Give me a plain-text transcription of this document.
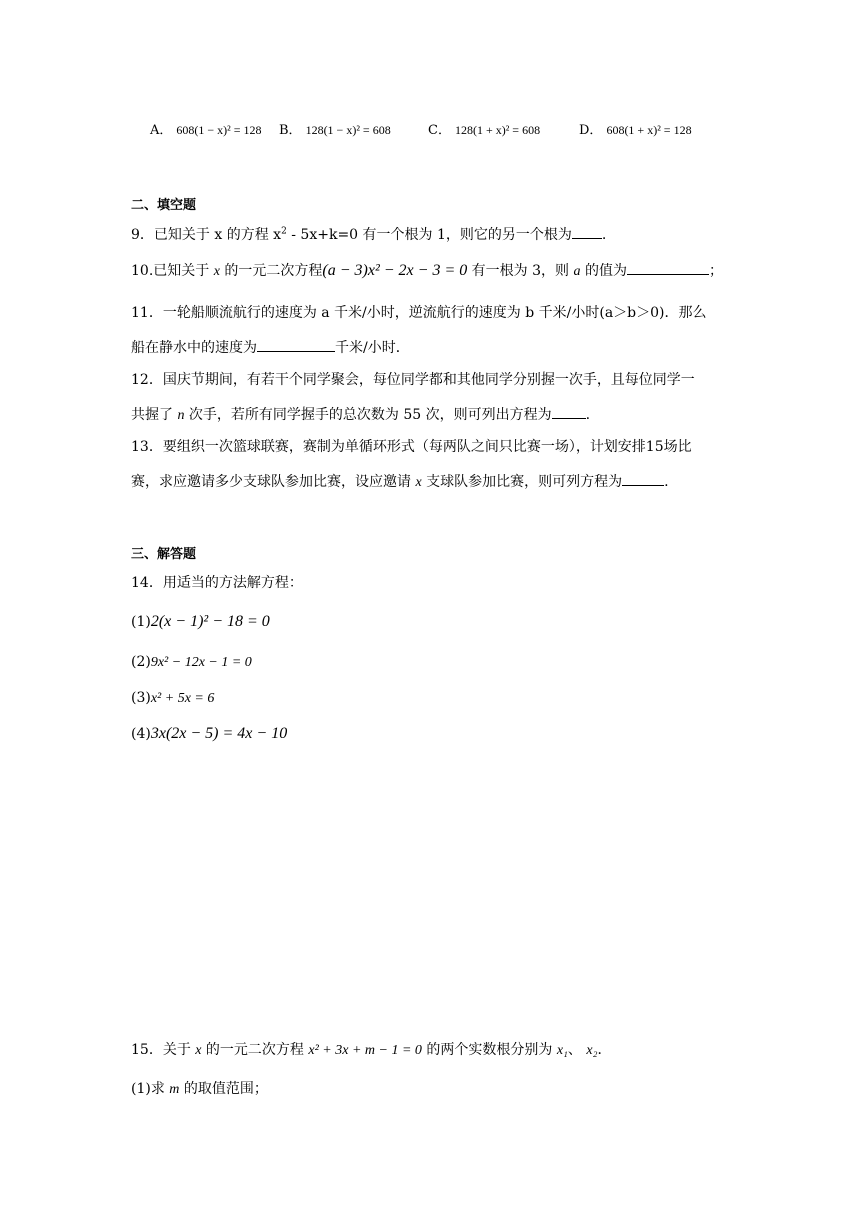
A． 608(1 − x)² = 128 B． 128(1 − x)² = 608	C． 128(1 + x)² = 608	D． 608(1 + x)² = 128
二、填空题
9．已知关于 x 的方程 $x^2 - 5x+k=0$ 有一个根为 1，则它的另一个根为 .
10.已知关于 x 的一元二次方程(a − 3)x² − 2x − 3 = 0 有一根为 3，则 a 的值为	；
11．一轮船顺流航行的速度为 a 千米/小时，逆流航行的速度为 b 千米/小时(a＞b＞0)．那么
船在静水中的速度为	千米/小时．
12．国庆节期间，有若干个同学聚会，每位同学都和其他同学分别握一次手，且每位同学一
共握了 n 次手，若所有同学握手的总次数为 55 次，则可列出方程为 .
13．要组织一次篮球联赛，赛制为单循环形式（每两队之间只比赛一场），计划安排15场比
赛，求应邀请多少支球队参加比赛，设应邀请 x 支球队参加比赛，则可列方程为	.
三、解答题
14．用适当的方法解方程：
(1)2(x − 1)² − 18 = 0
(2)9x² − 12x − 1 = 0
(3)x² + 5x = 6
(4)3x(2x − 5) = 4x − 10
15．关于 x 的一元二次方程 x² + 3x + m − 1 = 0 的两个实数根分别为 x₁、 x₂．
(1)求 m 的取值范围；
